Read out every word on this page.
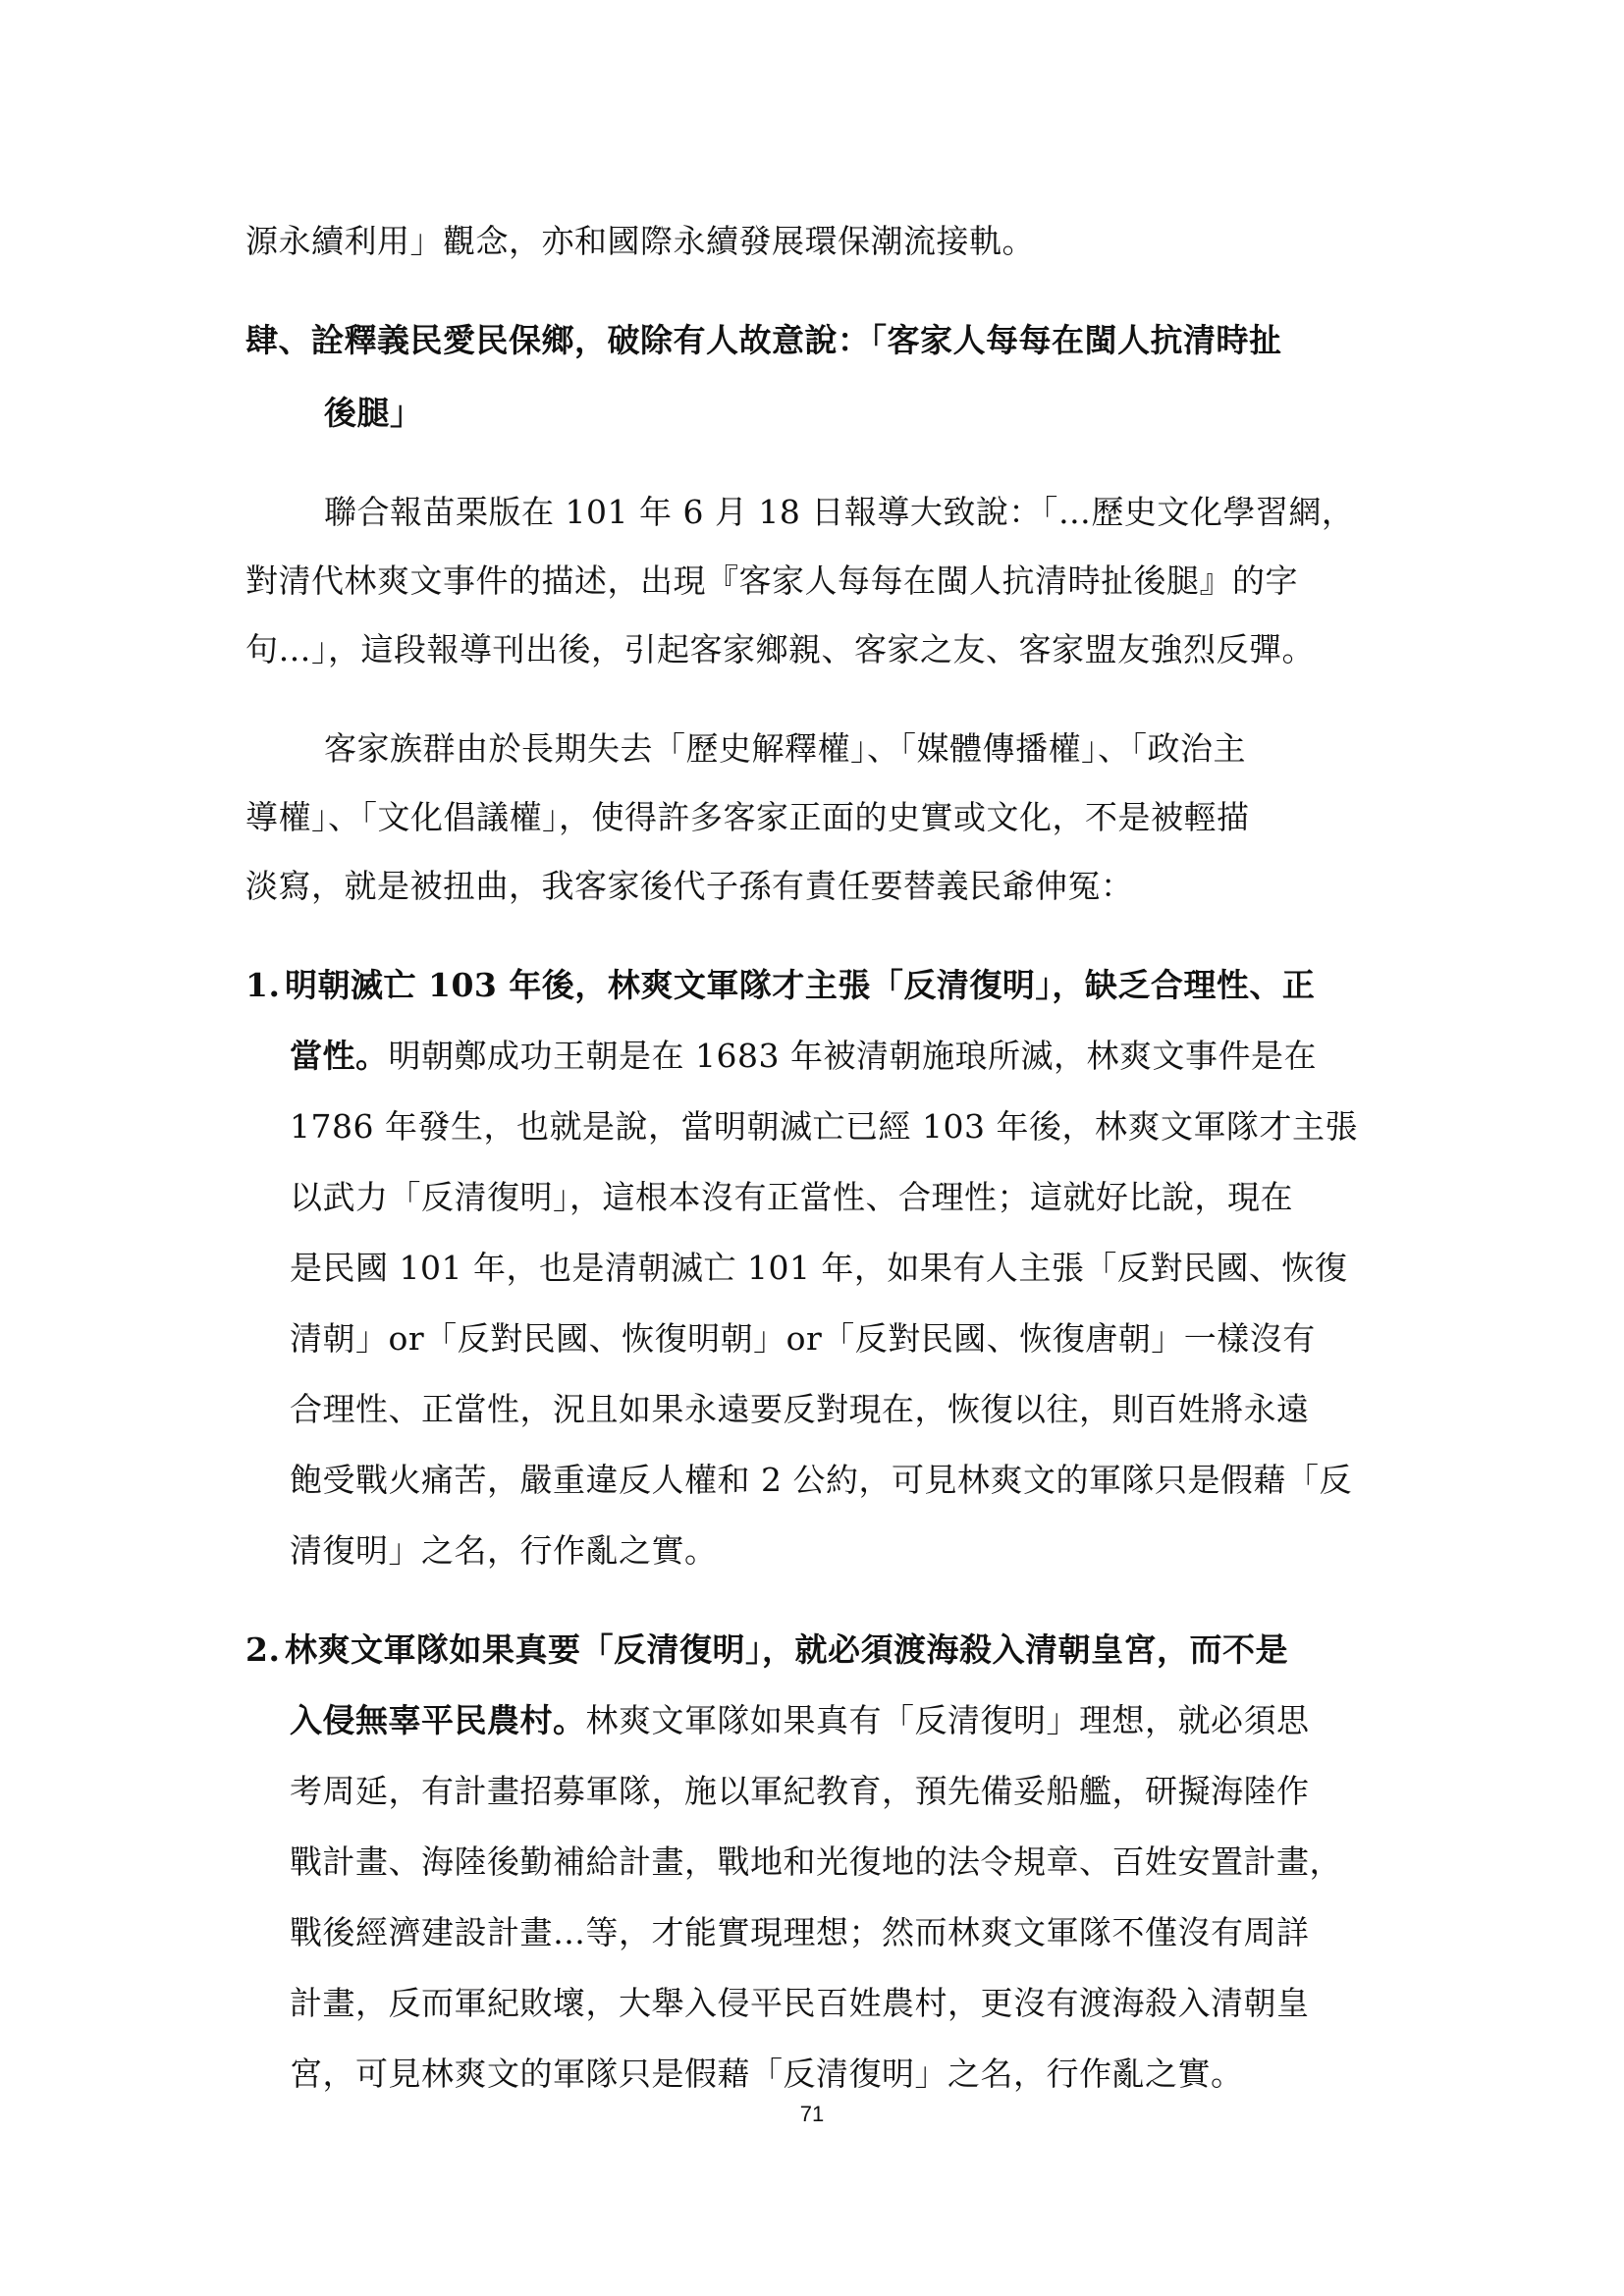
源永續利用」觀念，亦和國際永續發展環保潮流接軌。
肆、詮釋義民愛民保鄉，破除有人故意說：「客家人每每在閩人抗清時扯
後腿」
聯合報苗栗版在 101 年 6 月 18 日報導大致說：「…歷史文化學習網，
對清代林爽文事件的描述，出現『客家人每每在閩人抗清時扯後腿』的字
句…」，這段報導刊出後，引起客家鄉親、客家之友、客家盟友強烈反彈。
客家族群由於長期失去「歷史解釋權」、「媒體傳播權」、「政治主
導權」、「文化倡議權」，使得許多客家正面的史實或文化，不是被輕描
淡寫，就是被扭曲，我客家後代子孫有責任要替義民爺伸冤：
1. 明朝滅亡 103 年後，林爽文軍隊才主張「反清復明」，缺乏合理性、正
當性。明朝鄭成功王朝是在 1683 年被清朝施琅所滅，林爽文事件是在
1786 年發生，也就是說，當明朝滅亡已經 103 年後，林爽文軍隊才主張
以武力「反清復明」，這根本沒有正當性、合理性；這就好比說，現在
是民國 101 年，也是清朝滅亡 101 年，如果有人主張「反對民國、恢復
清朝」or「反對民國、恢復明朝」or「反對民國、恢復唐朝」一樣沒有
合理性、正當性，況且如果永遠要反對現在，恢復以往，則百姓將永遠
飽受戰火痛苦，嚴重違反人權和 2 公約，可見林爽文的軍隊只是假藉「反
清復明」之名，行作亂之實。
2. 林爽文軍隊如果真要「反清復明」，就必須渡海殺入清朝皇宮，而不是
入侵無辜平民農村。林爽文軍隊如果真有「反清復明」理想，就必須思
考周延，有計畫招募軍隊，施以軍紀教育，預先備妥船艦，研擬海陸作
戰計畫、海陸後勤補給計畫，戰地和光復地的法令規章、百姓安置計畫，
戰後經濟建設計畫…等，才能實現理想；然而林爽文軍隊不僅沒有周詳
計畫，反而軍紀敗壞，大舉入侵平民百姓農村，更沒有渡海殺入清朝皇
宮，可見林爽文的軍隊只是假藉「反清復明」之名，行作亂之實。
71
